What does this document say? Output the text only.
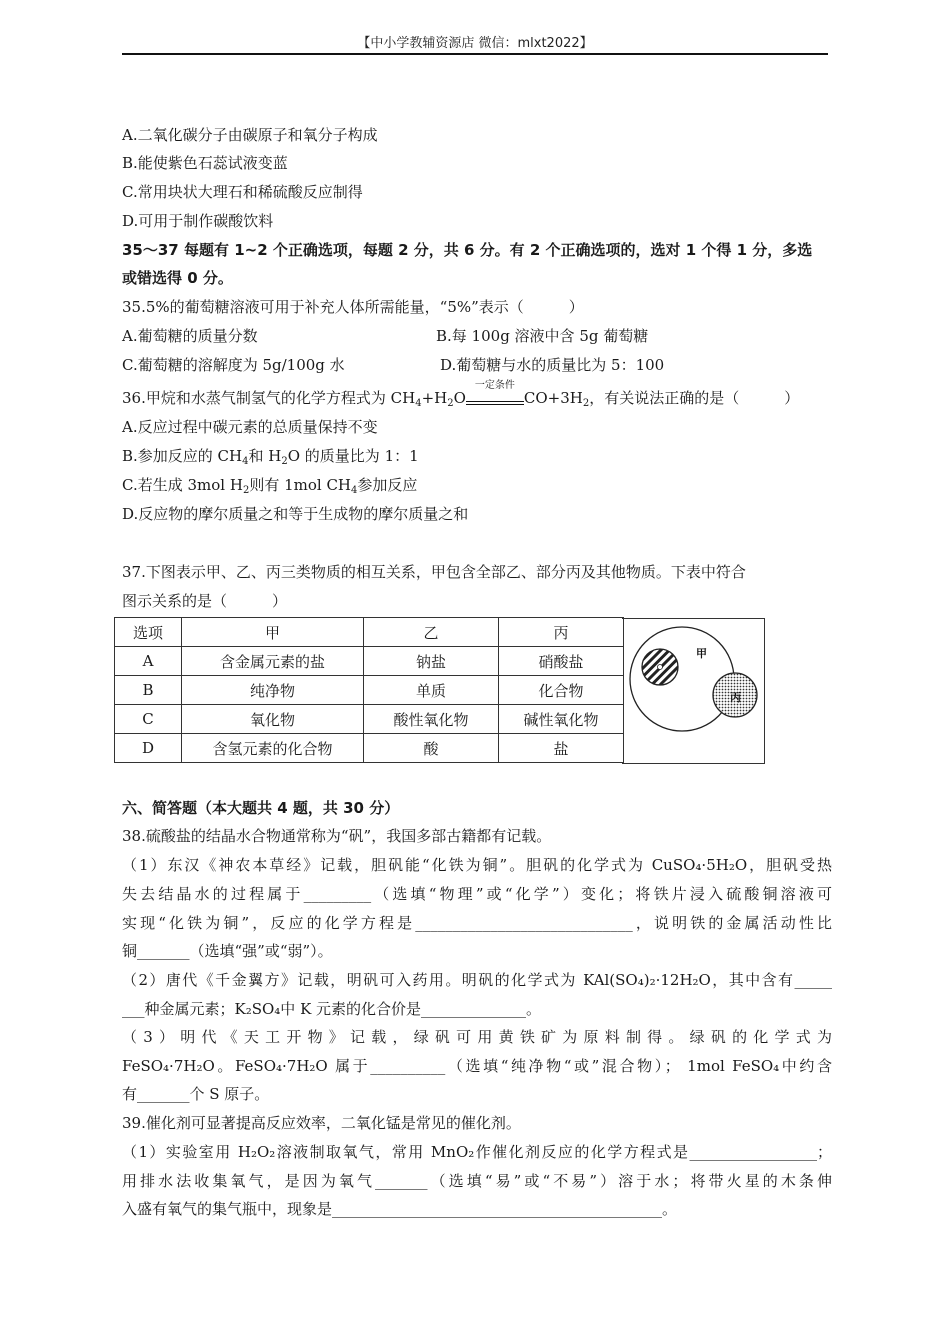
【中小学教辅资源店 微信：mlxt2022】
A.二氧化碳分子由碳原子和氧分子构成
B.能使紫色石蕊试液变蓝
C.常用块状大理石和稀硫酸反应制得
D.可用于制作碳酸饮料
35～37 每题有 1~2 个正确选项，每题 2 分，共 6 分。有 2 个正确选项的，选对 1 个得 1 分，多选
或错选得 0 分。
35.5%的葡萄糖溶液可用于补充人体所需能量，“5%”表示（　　　）
A.葡萄糖的质量分数	B.每 100g 溶液中含 5g 葡萄糖
C.葡萄糖的溶解度为 5g/100g 水	D.葡萄糖与水的质量比为 5：100
36.甲烷和水蒸气制氢气的化学方程式为 $CH_4+H_2O$
一定条件
$CO+3H_2$，有关说法正确的是（　　　）
A.反应过程中碳元素的总质量保持不变
B.参加反应的 $CH_4$和 $H_2O$ 的质量比为 1：1
C.若生成 3mol $H_2$则有 1mol $CH_4$参加反应
D.反应物的摩尔质量之和等于生成物的摩尔质量之和
37.下图表示甲、乙、丙三类物质的相互关系，甲包含全部乙、部分丙及其他物质。下表中符合
图示关系的是（　　　）
选项	甲	乙	丙
A	含金属元素的盐	钠盐	硝酸盐
B	纯净物	单质	化合物
C	氧化物	酸性氧化物	碱性氧化物
D	含氢元素的化合物	酸	盐
甲
丙
六、简答题（本大题共 4 题，共 30 分）
38.硫酸盐的结晶水合物通常称为“矾”，我国多部古籍都有记载。
（1）东汉《神农本草经》记载，胆矾能“化铁为铜”。胆矾的化学式为 CuSO₄·5H₂O，胆矾受热
失去结晶水的过程属于_________（选填“物理”或“化学”）变化；将铁片浸入硫酸铜溶液可
实现“化铁为铜”，反应的化学方程是_____________________________，说明铁的金属活动性比
铜_______（选填“强”或“弱”）。
（2）唐代《千金翼方》记载，明矾可入药用。明矾的化学式为 KAl(SO₄)₂·12H₂O，其中含有_____
___种金属元素；K₂SO₄中 K 元素的化合价是______________。
（3）明代《天工开物》记载，绿矾可用黄铁矿为原料制得。绿矾的化学式为
FeSO₄·7H₂O。FeSO₄·7H₂O 属于__________（选填“纯净物“或”混合物）； 1mol FeSO₄中约含
有_______个 S 原子。
39.催化剂可显著提高反应效率，二氧化锰是常见的催化剂。
（1）实验室用 H₂O₂溶液制取氧气，常用 MnO₂作催化剂反应的化学方程式是_________________；
用排水法收集氧气，是因为氧气_______（选填“易”或“不易”）溶于水；将带火星的木条伸
入盛有氧气的集气瓶中，现象是____________________________________________。
